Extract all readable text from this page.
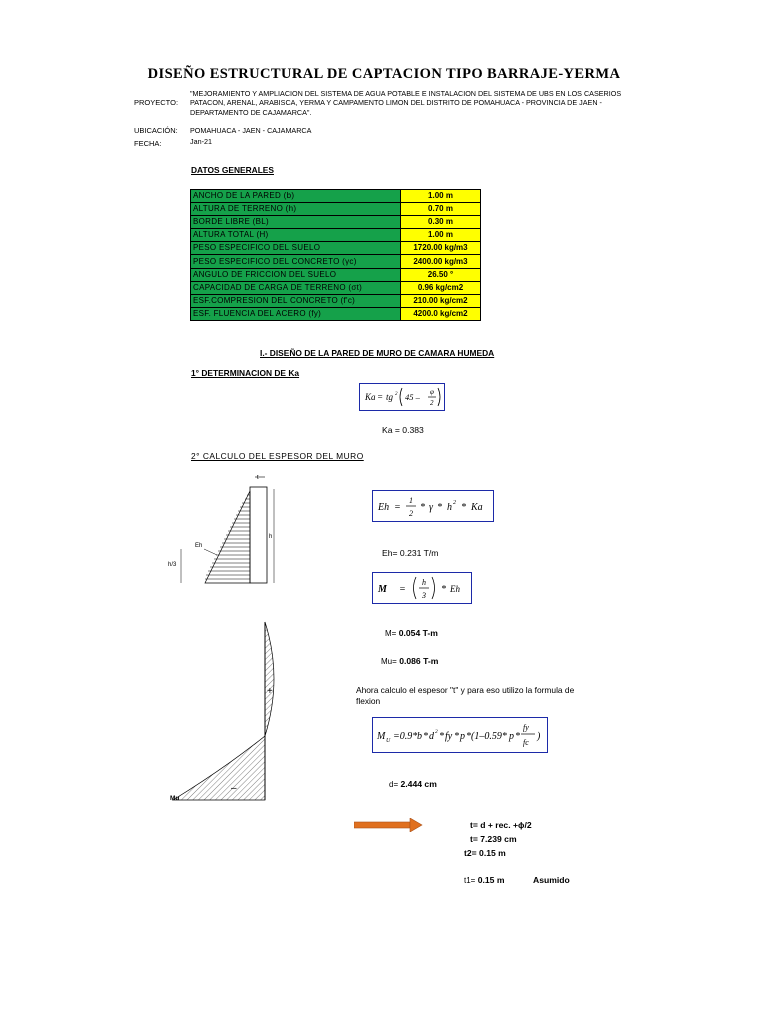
DISEÑO ESTRUCTURAL DE CAPTACION TIPO BARRAJE-YERMA
PROYECTO:
"MEJORAMIENTO Y AMPLIACION DEL SISTEMA DE AGUA POTABLE E INSTALACION DEL SISTEMA DE UBS EN LOS CASERIOS PATACON, ARENAL, ARABISCA, YERMA Y CAMPAMENTO LIMON DEL DISTRITO DE POMAHUACA - PROVINCIA DE JAEN - DEPARTAMENTO DE CAJAMARCA".
UBICACIÓN: POMAHUACA - JAEN - CAJAMARCA
FECHA:	Jan-21
DATOS GENERALES
ANCHO DE LA PARED (b)	1.00 m
ALTURA DE TERRENO (h)	0.70 m
BORDE LIBRE (BL)	0.30 m
ALTURA TOTAL (H)	1.00 m
PESO ESPECIFICO DEL SUELO	1720.00 kg/m3
PESO ESPECIFICO DEL CONCRETO (γc)	2400.00 kg/m3
ANGULO DE FRICCION DEL SUELO	26.50 °
CAPACIDAD DE CARGA DE TERRENO (σt)	0.96 kg/cm2
ESF.COMPRESION DEL CONCRETO (f'c)	210.00 kg/cm2
ESF. FLUENCIA DEL ACERO (fy)	4200.0 kg/cm2
I.- DISEÑO DE LA PARED DE MURO DE CAMARA HUMEDA
1° DETERMINACION DE Ka
Ka = tg 2 45 – φ
2
Ka = 0.383
2° CALCULO DEL ESPESOR DEL MURO
t
h
Eh
h/3
Eh =
1
2
* γ * h 2 * Ka
Eh= 0.231 T/m
M =
h
3
* Eh
+
–
Mu
M= 0.054 T-m
Mu= 0.086 T-m
Ahora calculo el espesor "t" y para eso utilizo la formula de flexion
M U =0.9* b * d 2 * fy * p *(1–0.59* p *
fy
fc
)
d= 2.444 cm
t= d + rec. +ϕ/2
t= 7.239 cm
t2= 0.15 m
t1= 0.15 m	Asumido
